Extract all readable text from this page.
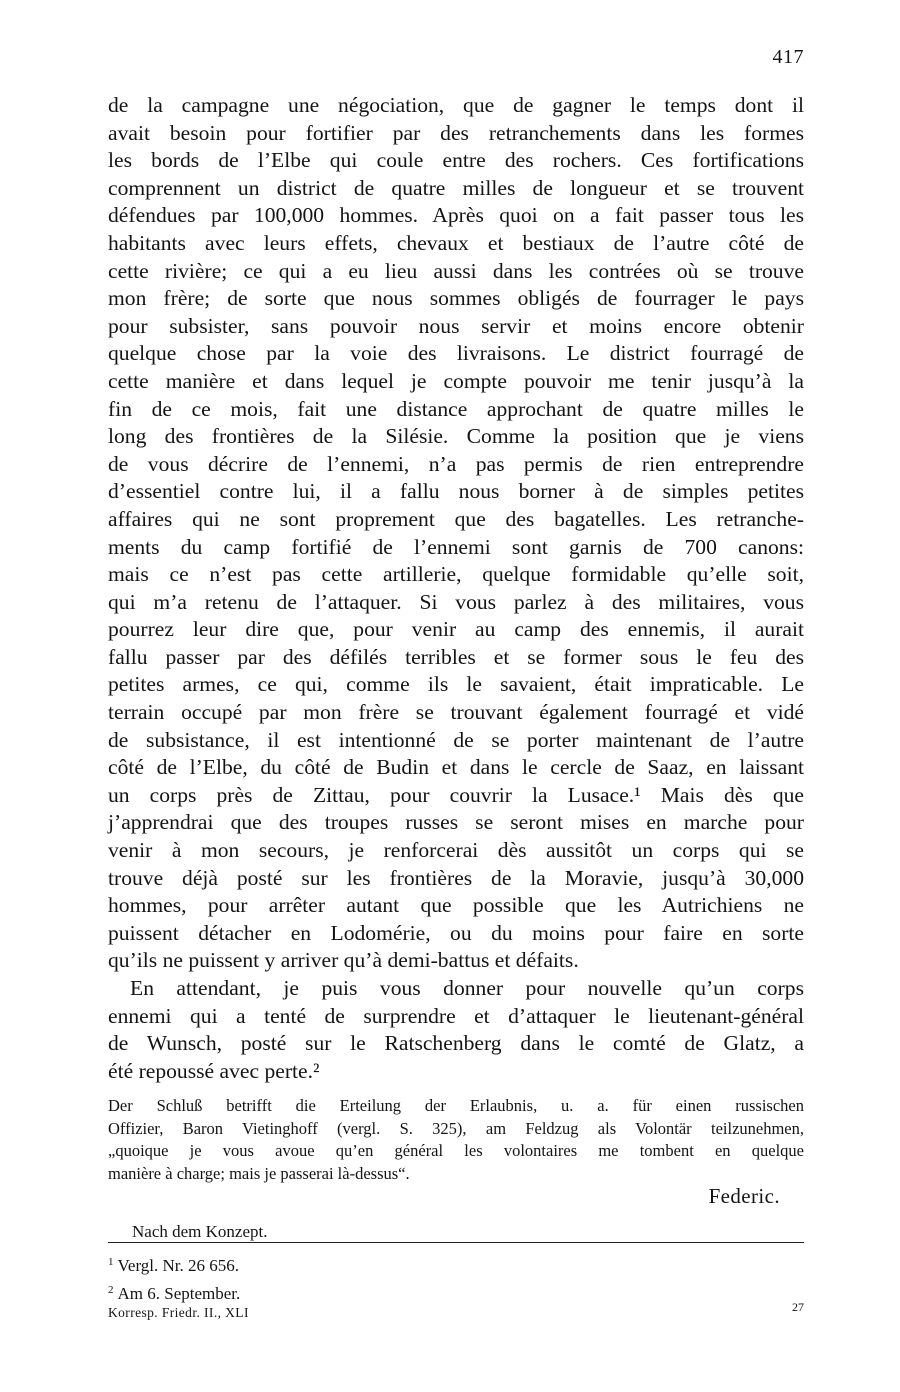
417
de la campagne une négociation, que de gagner le temps dont il
avait besoin pour fortifier par des retranchements dans les formes
les bords de l’Elbe qui coule entre des rochers. Ces fortifications
comprennent un district de quatre milles de longueur et se trouvent
défendues par 100,000 hommes. Après quoi on a fait passer tous les
habitants avec leurs effets, chevaux et bestiaux de l’autre côté de
cette rivière; ce qui a eu lieu aussi dans les contrées où se trouve
mon frère; de sorte que nous sommes obligés de fourrager le pays
pour subsister, sans pouvoir nous servir et moins encore obtenir
quelque chose par la voie des livraisons. Le district fourragé de
cette manière et dans lequel je compte pouvoir me tenir jusqu’à la
fin de ce mois, fait une distance approchant de quatre milles le
long des frontières de la Silésie. Comme la position que je viens
de vous décrire de l’ennemi, n’a pas permis de rien entreprendre
d’essentiel contre lui, il a fallu nous borner à de simples petites
affaires qui ne sont proprement que des bagatelles. Les retranche-
ments du camp fortifié de l’ennemi sont garnis de 700 canons:
mais ce n’est pas cette artillerie, quelque formidable qu’elle soit,
qui m’a retenu de l’attaquer. Si vous parlez à des militaires, vous
pourrez leur dire que, pour venir au camp des ennemis, il aurait
fallu passer par des défilés terribles et se former sous le feu des
petites armes, ce qui, comme ils le savaient, était impraticable. Le
terrain occupé par mon frère se trouvant également fourragé et vidé
de subsistance, il est intentionné de se porter maintenant de l’autre
côté de l’Elbe, du côté de Budin et dans le cercle de Saaz, en laissant
un corps près de Zittau, pour couvrir la Lusace.¹ Mais dès que
j’apprendrai que des troupes russes se seront mises en marche pour
venir à mon secours, je renforcerai dès aussitôt un corps qui se
trouve déjà posté sur les frontières de la Moravie, jusqu’à 30,000
hommes, pour arrêter autant que possible que les Autrichiens ne
puissent détacher en Lodomérie, ou du moins pour faire en sorte
qu’ils ne puissent y arriver qu’à demi-battus et défaits.
En attendant, je puis vous donner pour nouvelle qu’un corps
ennemi qui a tenté de surprendre et d’attaquer le lieutenant-général
de Wunsch, posté sur le Ratschenberg dans le comté de Glatz, a
été repoussé avec perte.²
Der Schluß betrifft die Erteilung der Erlaubnis, u. a. für einen russischen
Offizier, Baron Vietinghoff (vergl. S. 325), am Feldzug als Volontär teilzunehmen,
„quoique je vous avoue qu’en général les volontaires me tombent en quelque
manière à charge; mais je passerai là-dessus“.
Federic.
Nach dem Konzept.
$^1$ Vergl. Nr. 26 656.
$^2$ Am 6. September.
Korresp. Friedr. II., XLI	27
